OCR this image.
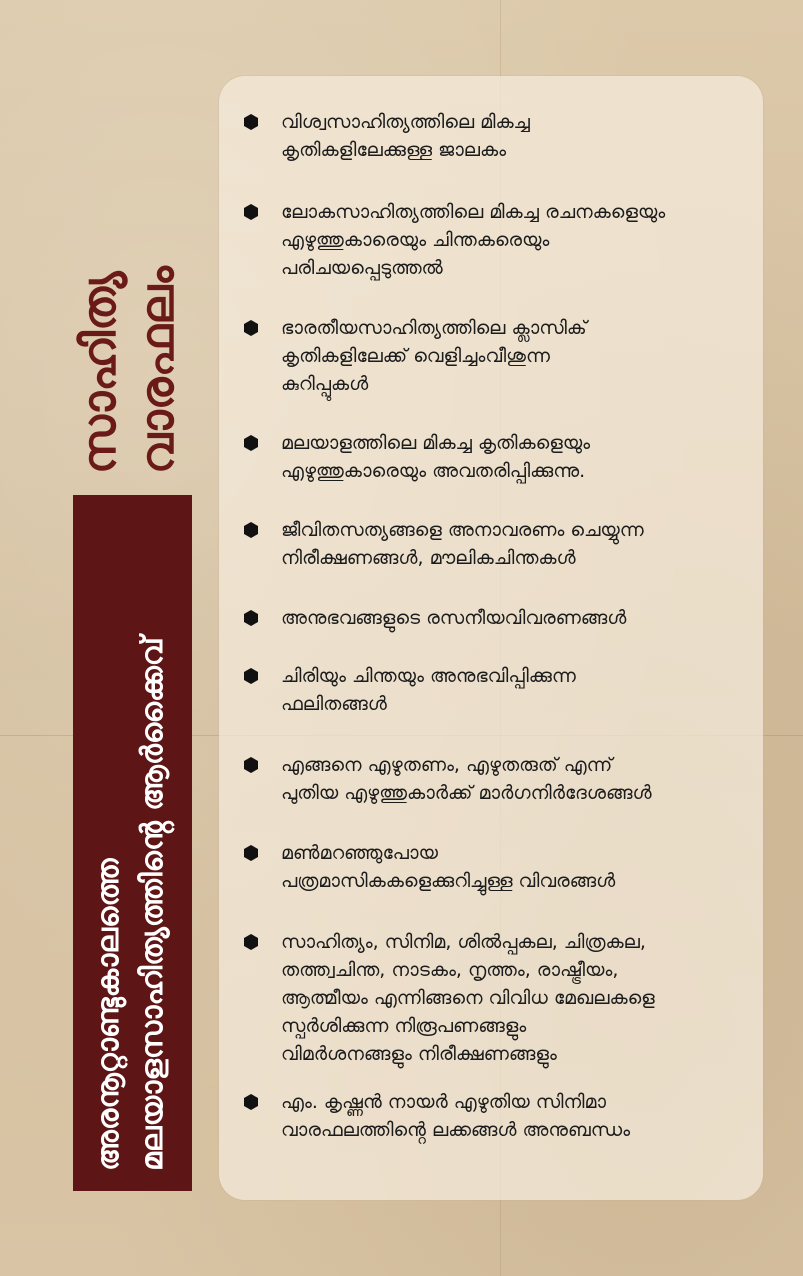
സാഹിത്യ വാരഫലം
അരനൂറ്റാണ്ടുകാലത്തെ മലയാളസാഹിത്യത്തിൻ്റെ ആർക്കൈവ്
വിശ്വസാഹിത്യത്തിലെ മികച്ച
കൃതികളിലേക്കുള്ള ജാലകം
ലോകസാഹിത്യത്തിലെ മികച്ച രചനകളെയും
എഴുത്തുകാരെയും ചിന്തകരെയും
പരിചയപ്പെടുത്തൽ
ഭാരതീയസാഹിത്യത്തിലെ ക്ലാസിക്
കൃതികളിലേക്ക് വെളിച്ചംവീശുന്ന
കുറിപ്പുകൾ
മലയാളത്തിലെ മികച്ച കൃതികളെയും
എഴുത്തുകാരെയും അവതരിപ്പിക്കുന്നു.
ജീവിതസത്യങ്ങളെ അനാവരണം ചെയ്യുന്ന
നിരീക്ഷണങ്ങൾ, മൗലികചിന്തകൾ
അനുഭവങ്ങളുടെ രസനീയവിവരണങ്ങൾ
ചിരിയും ചിന്തയും അനുഭവിപ്പിക്കുന്ന
ഫലിതങ്ങൾ
എങ്ങനെ എഴുതണം, എഴുതരുത് എന്ന്
പുതിയ എഴുത്തുകാർക്ക് മാർഗനിർദേശങ്ങൾ
മൺമറഞ്ഞുപോയ
പത്രമാസികകളെക്കുറിച്ചുള്ള വിവരങ്ങൾ
സാഹിത്യം, സിനിമ, ശിൽപ്പകല, ചിത്രകല,
തത്ത്വചിന്ത, നാടകം, നൃത്തം, രാഷ്ട്രീയം,
ആത്മീയം എന്നിങ്ങനെ വിവിധ മേഖലകളെ
സ്പർശിക്കുന്ന നിരൂപണങ്ങളും
വിമർശനങ്ങളും നിരീക്ഷണങ്ങളും
എം. കൃഷ്ണൻ നായർ എഴുതിയ സിനിമാ
വാരഫലത്തിൻ്റെ ലക്കങ്ങൾ അനുബന്ധം
